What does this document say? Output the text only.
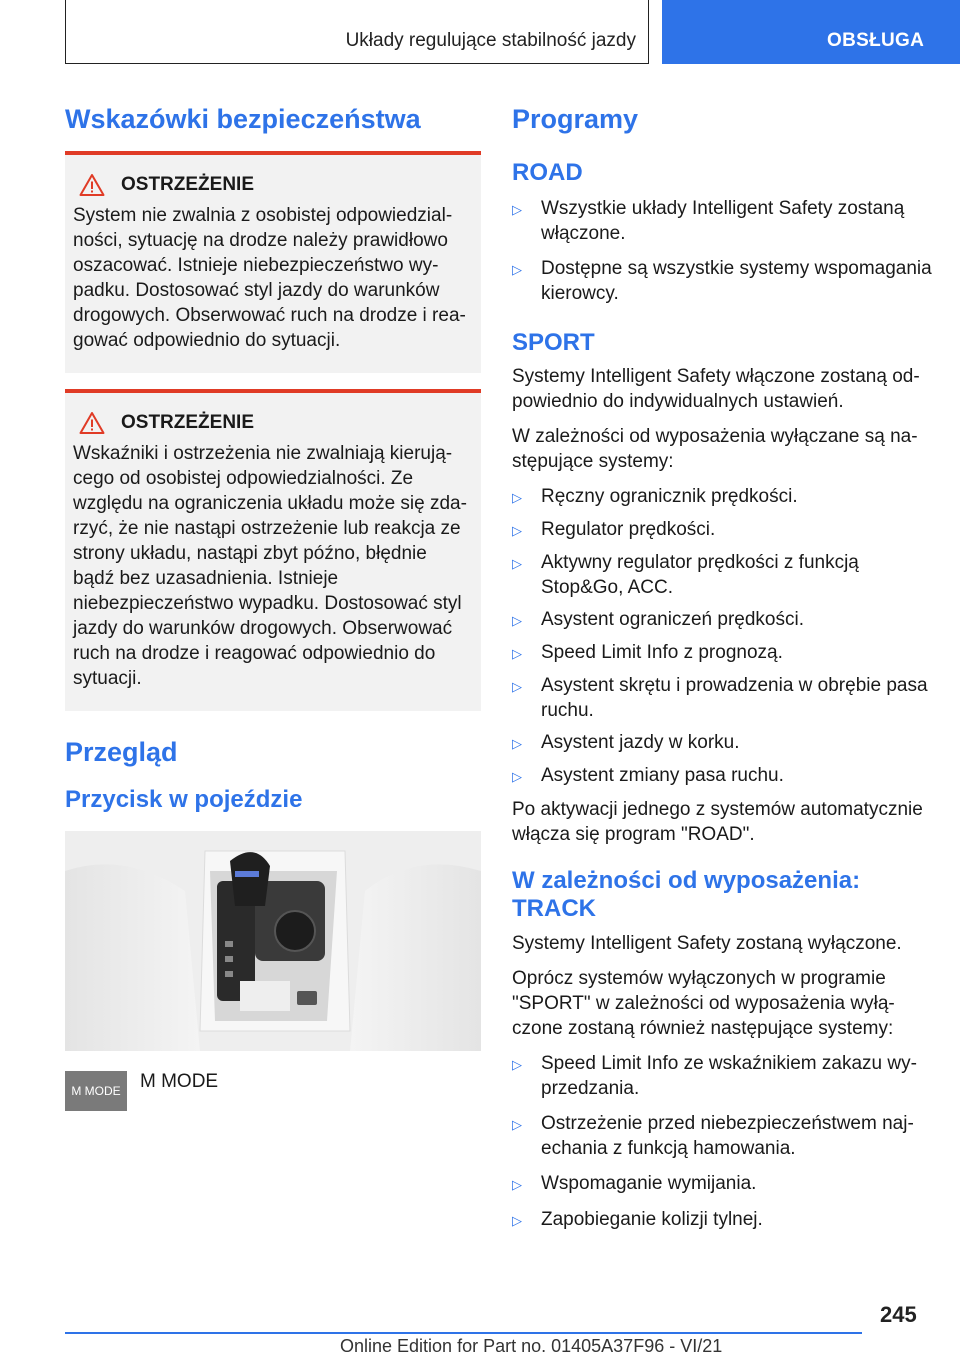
Układy regulujące stabilność jazdy	OBSŁUGA
Wskazówki bezpieczeństwa
OSTRZEŻENIE

System nie zwalnia z osobistej odpowiedzialności, sytuację na drodze należy prawidłowo oszacować. Istnieje niebezpieczeństwo wypadku. Dostosować styl jazdy do warunków drogowych. Obserwować ruch na drodze i reagować odpowiednio do sytuacji.

OSTRZEŻENIE

Wskaźniki i ostrzeżenia nie zwalniają kierującego od osobistej odpowiedzialności. Ze względu na ograniczenia układu może się zdarzyć, że nie nastąpi ostrzeżenie lub reakcja ze strony układu, nastąpi zbyt późno, błędnie bądź bez uzasadnienia. Istnieje niebezpieczeństwo wypadku. Dostosować styl jazdy do warunków drogowych. Obserwować ruch na drodze i reagować odpowiednio do sytuacji.

Przegląd
Przycisk w pojeździe
M MODE	M MODE
Programy
ROAD
▷	Wszystkie układy Intelligent Safety zostaną włączone.
▷	Dostępne są wszystkie systemy wspomagania kierowcy.
SPORT

Systemy Intelligent Safety włączone zostaną odpowiednio do indywidualnych ustawień.

W zależności od wyposażenia wyłączane są następujące systemy:

▷	Ręczny ogranicznik prędkości.
▷	Regulator prędkości.
▷	Aktywny regulator prędkości z funkcją Stop&Go, ACC.
▷	Asystent ograniczeń prędkości.
▷	Speed Limit Info z prognozą.
▷	Asystent skrętu i prowadzenia w obrębie pasa ruchu.
▷	Asystent jazdy w korku.
▷	Asystent zmiany pasa ruchu.

Po aktywacji jednego z systemów automatycznie włącza się program "ROAD".

W zależności od wyposażenia: TRACK

Systemy Intelligent Safety zostaną wyłączone.

Oprócz systemów wyłączonych w programie "SPORT" w zależności od wyposażenia wyłączone zostaną również następujące systemy:

▷	Speed Limit Info ze wskaźnikiem zakazu wyprzedzania.
▷	Ostrzeżenie przed niebezpieczeństwem najechania z funkcją hamowania.
▷	Wspomaganie wymijania.
▷	Zapobieganie kolizji tylnej.
245
Online Edition for Part no. 01405A37F96 - VI/21
